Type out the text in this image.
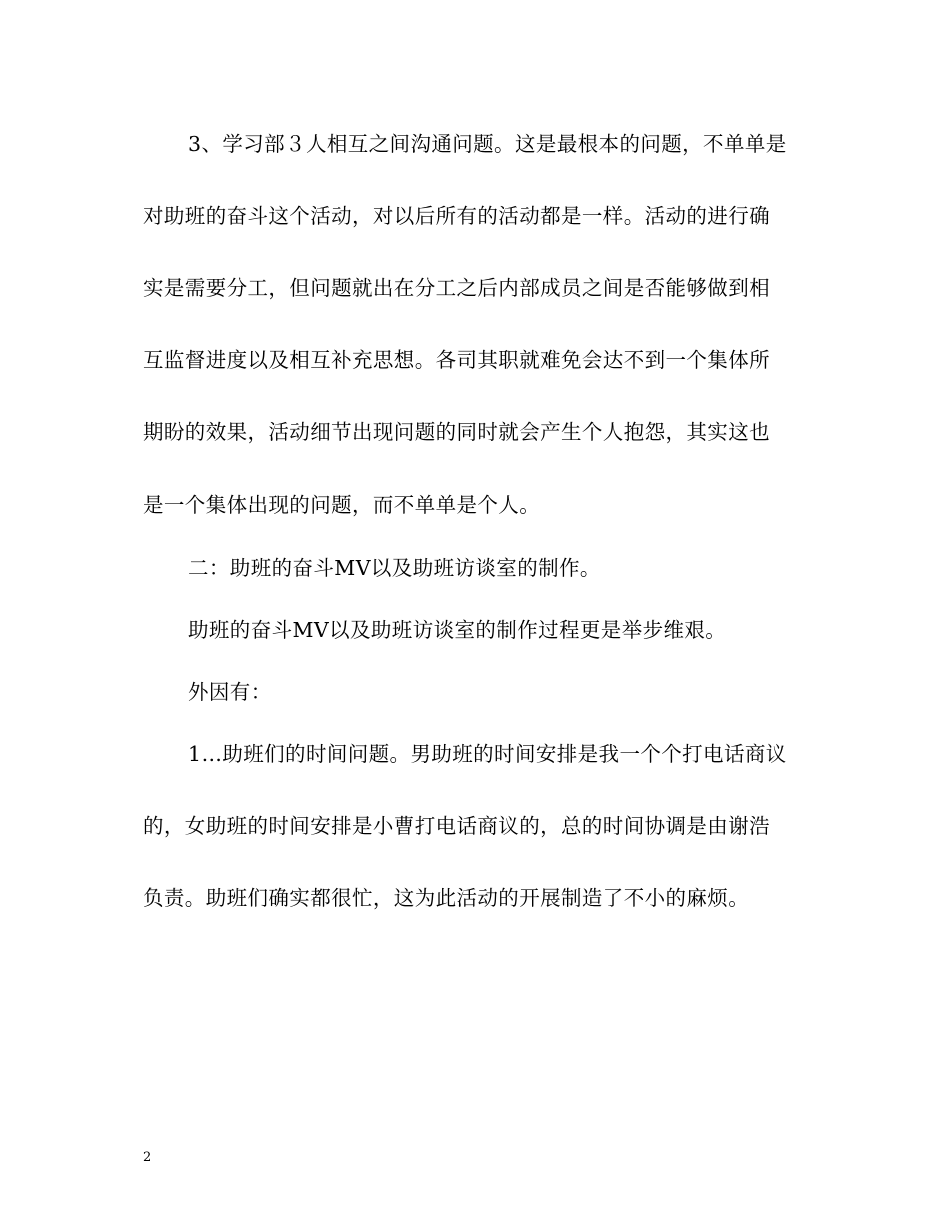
3、学习部３人相互之间沟通问题。这是最根本的问题，不单单是
对助班的奋斗这个活动，对以后所有的活动都是一样。活动的进行确
实是需要分工，但问题就出在分工之后内部成员之间是否能够做到相
互监督进度以及相互补充思想。各司其职就难免会达不到一个集体所
期盼的效果，活动细节出现问题的同时就会产生个人抱怨，其实这也
是一个集体出现的问题，而不单单是个人。
二：助班的奋斗MV以及助班访谈室的制作。
助班的奋斗MV以及助班访谈室的制作过程更是举步维艰。
外因有：
1…助班们的时间问题。男助班的时间安排是我一个个打电话商议
的，女助班的时间安排是小曹打电话商议的，总的时间协调是由谢浩
负责。助班们确实都很忙，这为此活动的开展制造了不小的麻烦。
2
